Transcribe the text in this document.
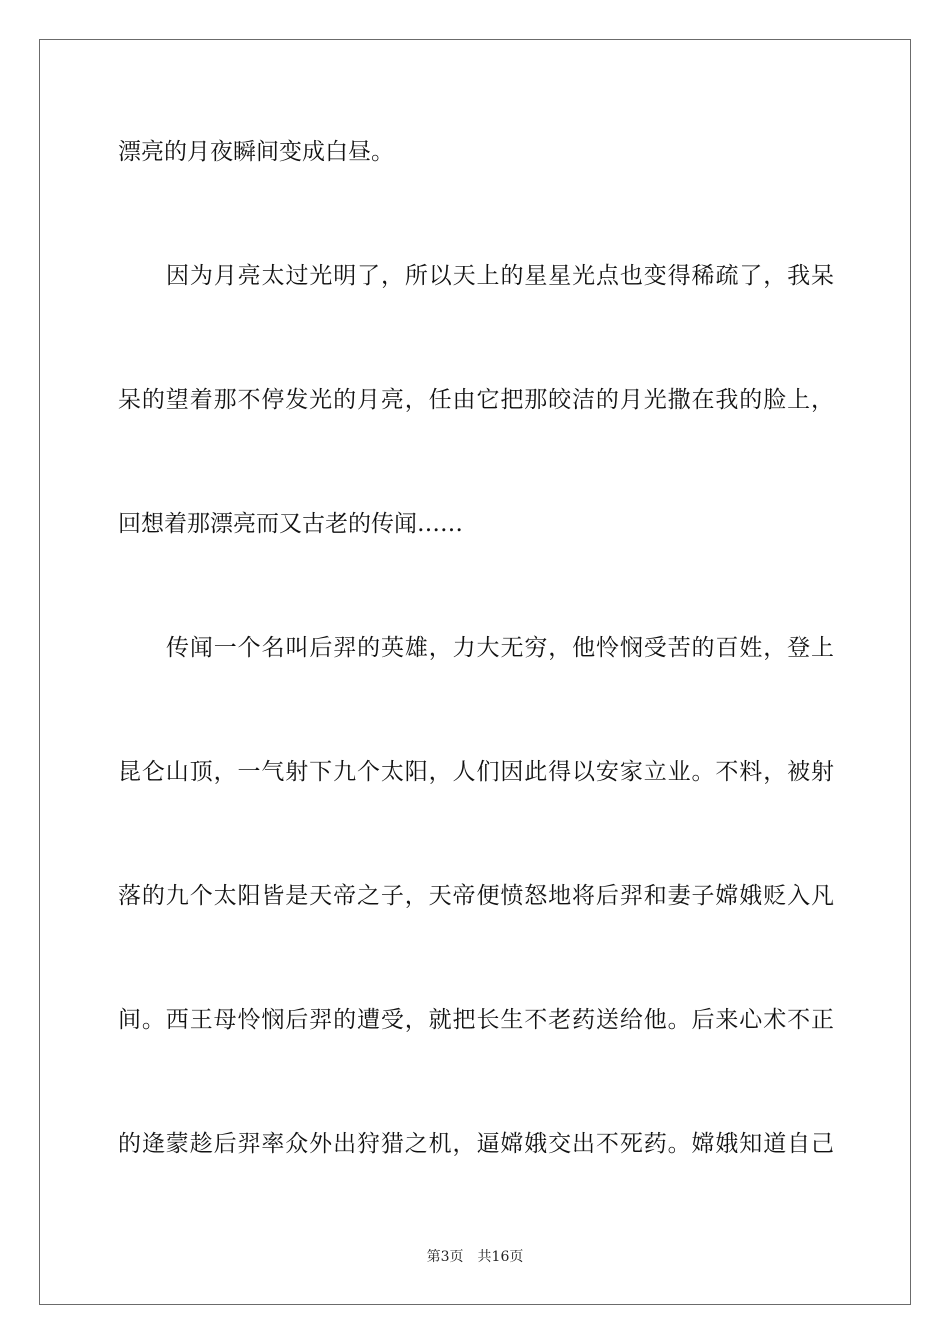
漂亮的月夜瞬间变成白昼。
因为月亮太过光明了，所以天上的星星光点也变得稀疏了，我呆
呆的望着那不停发光的月亮，任由它把那皎洁的月光撒在我的脸上，
回想着那漂亮而又古老的传闻……
传闻一个名叫后羿的英雄，力大无穷，他怜悯受苦的百姓，登上
昆仑山顶，一气射下九个太阳，人们因此得以安家立业。不料，被射
落的九个太阳皆是天帝之子，天帝便愤怒地将后羿和妻子嫦娥贬入凡
间。西王母怜悯后羿的遭受，就把长生不老药送给他。后来心术不正
的逄蒙趁后羿率众外出狩猎之机，逼嫦娥交出不死药。嫦娥知道自己
第3页 共16页
